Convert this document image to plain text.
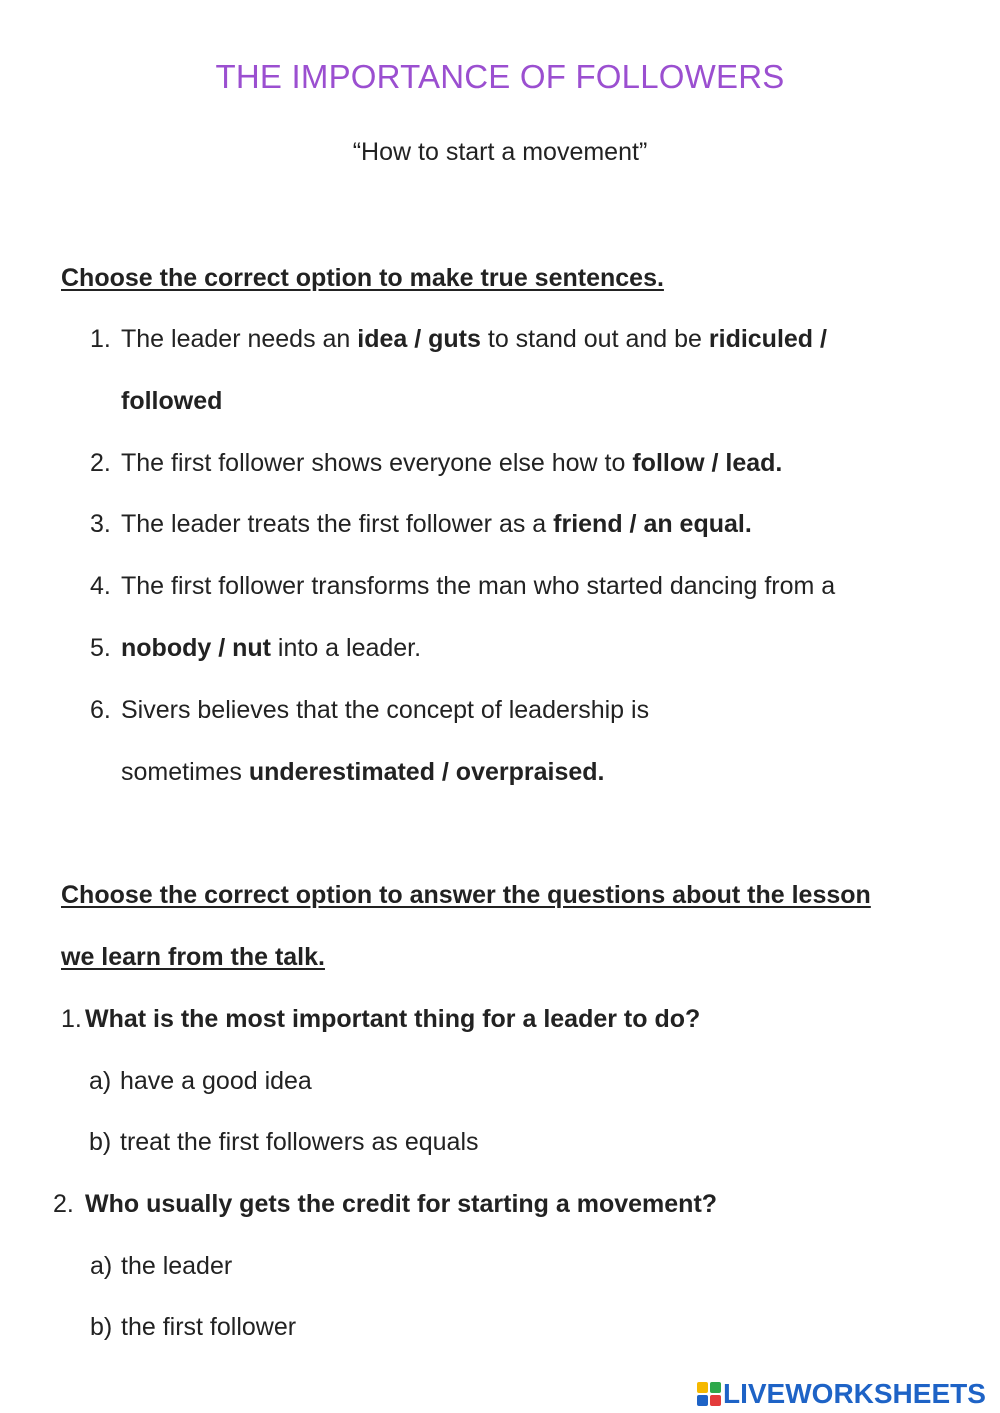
THE IMPORTANCE OF FOLLOWERS
“How to start a movement”
Choose the correct option to make true sentences.
1. The leader needs an idea / guts to stand out and be ridiculed /
followed
2. The first follower shows everyone else how to follow / lead.
3. The leader treats the first follower as a friend / an equal.
4. The first follower transforms the man who started dancing from a
5. nobody / nut into a leader.
6. Sivers believes that the concept of leadership is
sometimes underestimated / overpraised.
Choose the correct option to answer the questions about the lesson
we learn from the talk.
1. What is the most important thing for a leader to do?
a) have a good idea
b) treat the first followers as equals
2. Who usually gets the credit for starting a movement?
a) the leader
b) the first follower
LIVEWORKSHEETS
